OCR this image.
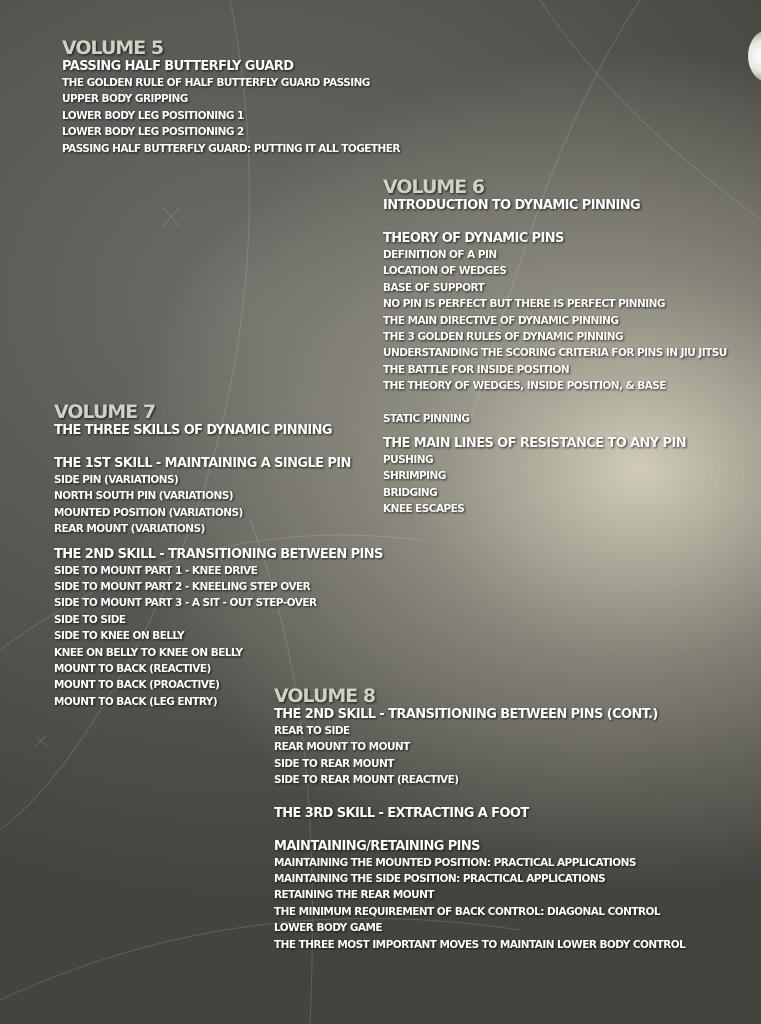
VOLUME 5

PASSING HALF BUTTERFLY GUARD

THE GOLDEN RULE OF HALF BUTTERFLY GUARD PASSING

UPPER BODY GRIPPING

LOWER BODY LEG POSITIONING 1

LOWER BODY LEG POSITIONING 2

PASSING HALF BUTTERFLY GUARD: PUTTING IT ALL TOGETHER

VOLUME 6

INTRODUCTION TO DYNAMIC PINNING

THEORY OF DYNAMIC PINS

DEFINITION OF A PIN

LOCATION OF WEDGES

BASE OF SUPPORT

NO PIN IS PERFECT BUT THERE IS PERFECT PINNING

THE MAIN DIRECTIVE OF DYNAMIC PINNING

THE 3 GOLDEN RULES OF DYNAMIC PINNING

UNDERSTANDING THE SCORING CRITERIA FOR PINS IN JIU JITSU

THE BATTLE FOR INSIDE POSITION

THE THEORY OF WEDGES, INSIDE POSITION, & BASE

STATIC PINNING

THE MAIN LINES OF RESISTANCE TO ANY PIN

PUSHING

SHRIMPING

BRIDGING

KNEE ESCAPES

VOLUME 7

THE THREE SKILLS OF DYNAMIC PINNING

THE 1ST SKILL - MAINTAINING A SINGLE PIN

SIDE PIN (VARIATIONS)

NORTH SOUTH PIN (VARIATIONS)

MOUNTED POSITION (VARIATIONS)

REAR MOUNT (VARIATIONS)

THE 2ND SKILL - TRANSITIONING BETWEEN PINS

SIDE TO MOUNT PART 1 - KNEE DRIVE

SIDE TO MOUNT PART 2 - KNEELING STEP OVER

SIDE TO MOUNT PART 3 - A SIT - OUT STEP-OVER

SIDE TO SIDE

SIDE TO KNEE ON BELLY

KNEE ON BELLY TO KNEE ON BELLY

MOUNT TO BACK (REACTIVE)

MOUNT TO BACK (PROACTIVE)

MOUNT TO BACK (LEG ENTRY)	VOLUME 8

THE 2ND SKILL - TRANSITIONING BETWEEN PINS (CONT.)

REAR TO SIDE

REAR MOUNT TO MOUNT

SIDE TO REAR MOUNT

SIDE TO REAR MOUNT (REACTIVE)

THE 3RD SKILL - EXTRACTING A FOOT

MAINTAINING/RETAINING PINS

MAINTAINING THE MOUNTED POSITION: PRACTICAL APPLICATIONS

MAINTAINING THE SIDE POSITION: PRACTICAL APPLICATIONS

RETAINING THE REAR MOUNT

THE MINIMUM REQUIREMENT OF BACK CONTROL: DIAGONAL CONTROL

LOWER BODY GAME

THE THREE MOST IMPORTANT MOVES TO MAINTAIN LOWER BODY CONTROL
